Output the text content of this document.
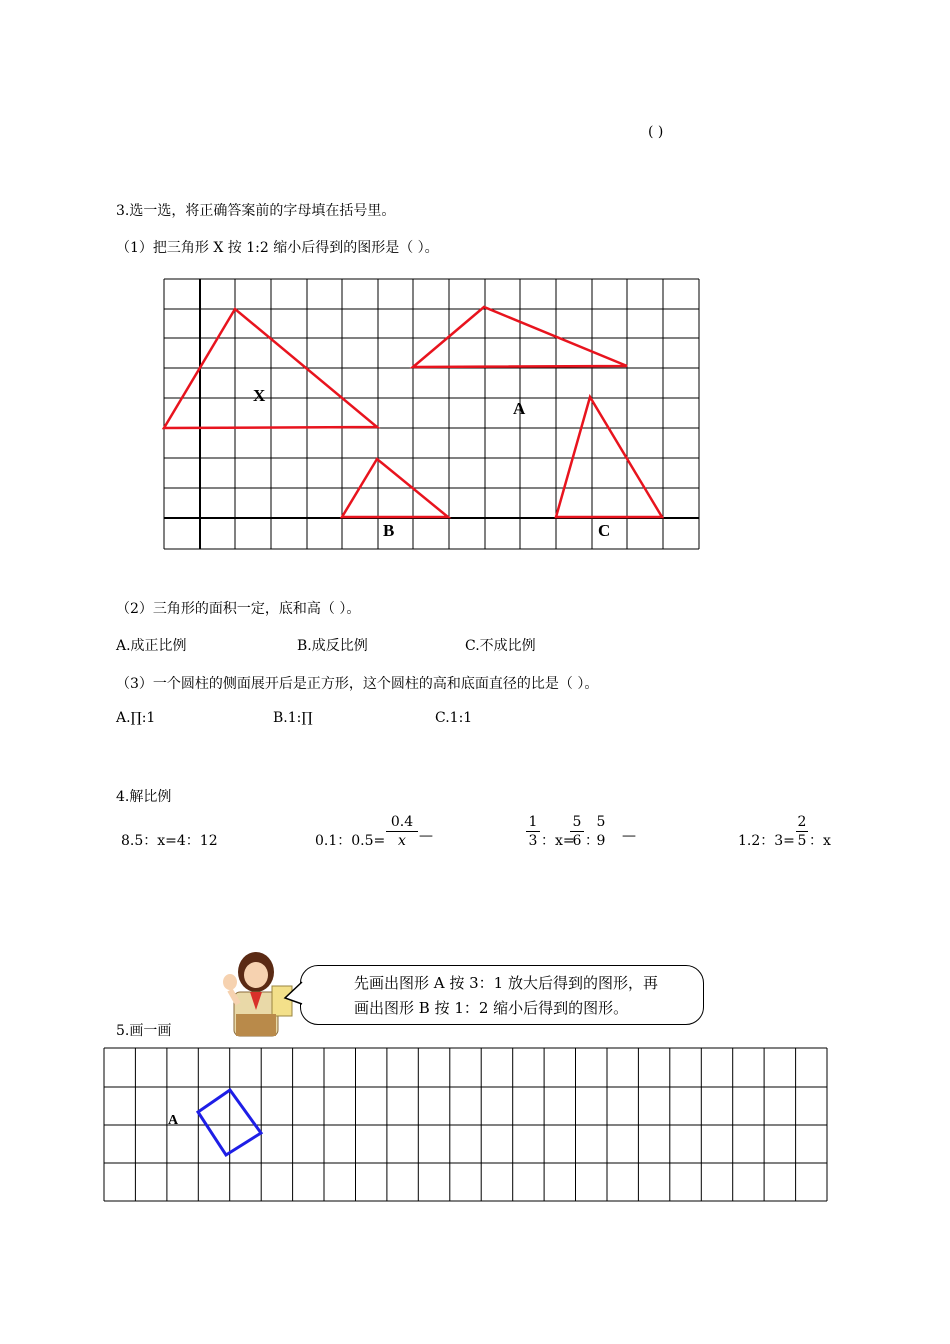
( )
3.选一选，将正确答案前的字母填在括号里。
（1）把三角形 X 按 1:2 缩小后得到的图形是（ ）。
X
A
B	C
（2）三角形的面积一定，底和高（ ）。
A.成正比例	B.成反比例	C.不成比例
（3）一个圆柱的侧面展开后是正方形，这个圆柱的高和底面直径的比是（ ）。
A.∏:1	B.1:∏	C.1:1
4.解比例
8.5：x=4：12	0.1：0.5=
0.4
x —
1
3 ：x=
5
6 ：
5
9 —	1.2：3=
2
5 ：x
先画出图形 A 按 3：1 放大后得到的图形，再
画出图形 B 按 1：2 缩小后得到的图形。
5.画一画
A
